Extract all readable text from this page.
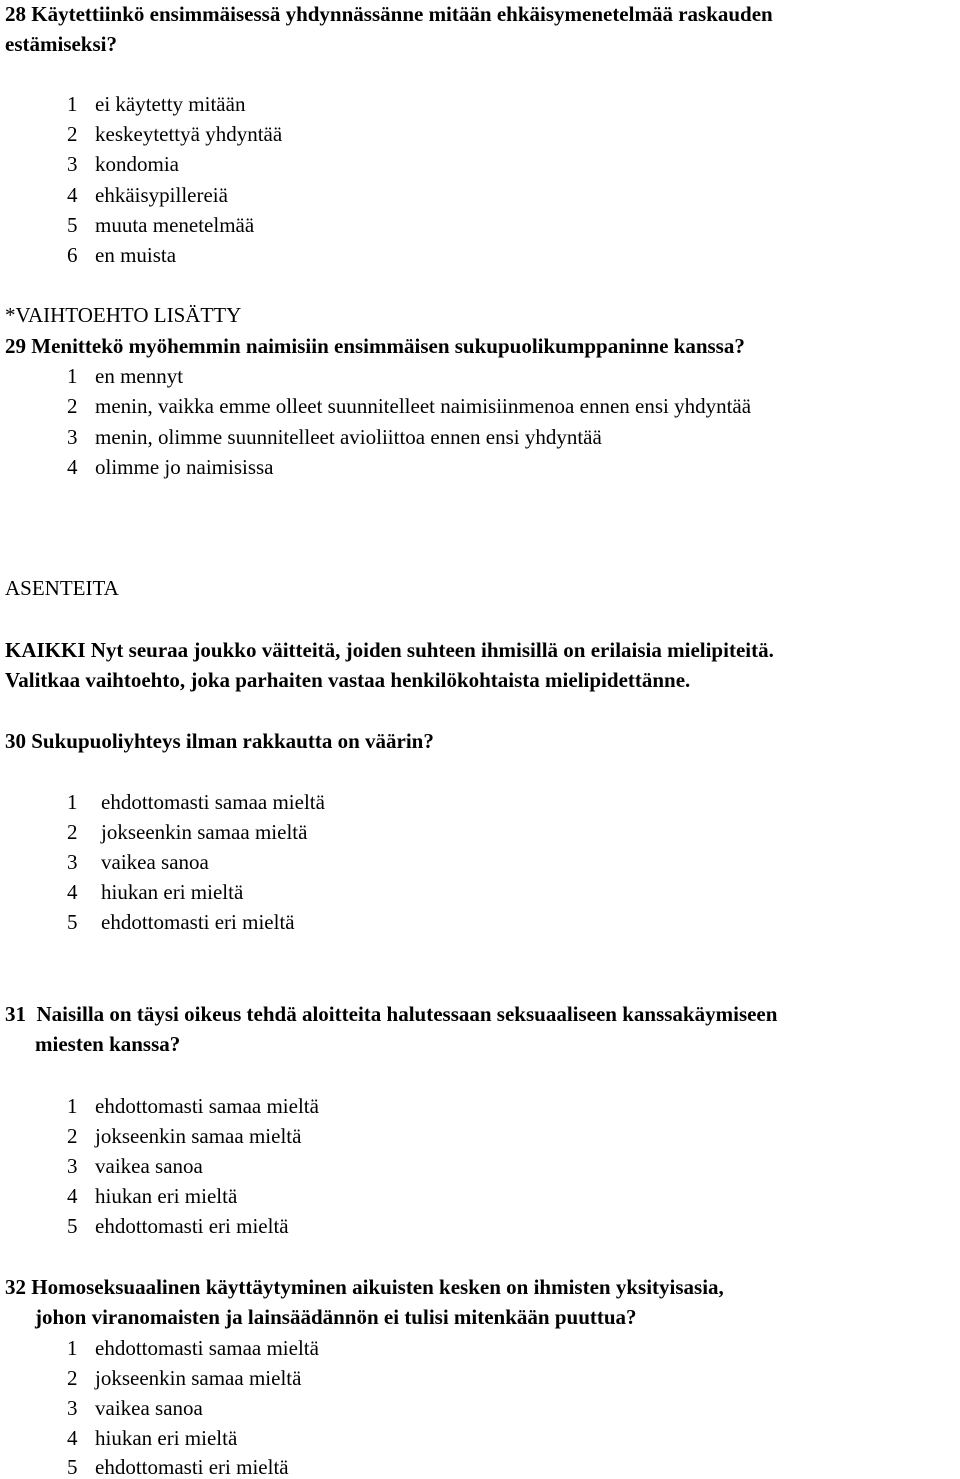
28 Käytettiinkö ensimmäisessä yhdynnässänne mitään ehkäisymenetelmää raskauden
estämiseksi?
1 ei käytetty mitään
2 keskeytettyä yhdyntää
3 kondomia
4 ehkäisypillereiä
5 muuta menetelmää
6 en muista
*VAIHTOEHTO LISÄTTY
29 Menittekö myöhemmin naimisiin ensimmäisen sukupuolikumppaninne kanssa?
1 en mennyt
2 menin, vaikka emme olleet suunnitelleet naimisiinmenoa ennen ensi yhdyntää
3 menin, olimme suunnitelleet avioliittoa ennen ensi yhdyntää
4 olimme jo naimisissa
ASENTEITA
KAIKKI Nyt seuraa joukko väitteitä, joiden suhteen ihmisillä on erilaisia mielipiteitä.
Valitkaa vaihtoehto, joka parhaiten vastaa henkilökohtaista mielipidettänne.
30 Sukupuoliyhteys ilman rakkautta on väärin?
1 ehdottomasti samaa mieltä
2 jokseenkin samaa mieltä
3 vaikea sanoa
4 hiukan eri mieltä
5 ehdottomasti eri mieltä
31  Naisilla on täysi oikeus tehdä aloitteita halutessaan seksuaaliseen kanssakäymiseen
miesten kanssa?
1 ehdottomasti samaa mieltä
2 jokseenkin samaa mieltä
3 vaikea sanoa
4 hiukan eri mieltä
5 ehdottomasti eri mieltä
32 Homoseksuaalinen käyttäytyminen aikuisten kesken on ihmisten yksityisasia,
johon viranomaisten ja lainsäädännön ei tulisi mitenkään puuttua?
1 ehdottomasti samaa mieltä
2 jokseenkin samaa mieltä
3 vaikea sanoa
4 hiukan eri mieltä
5 ehdottomasti eri mieltä
